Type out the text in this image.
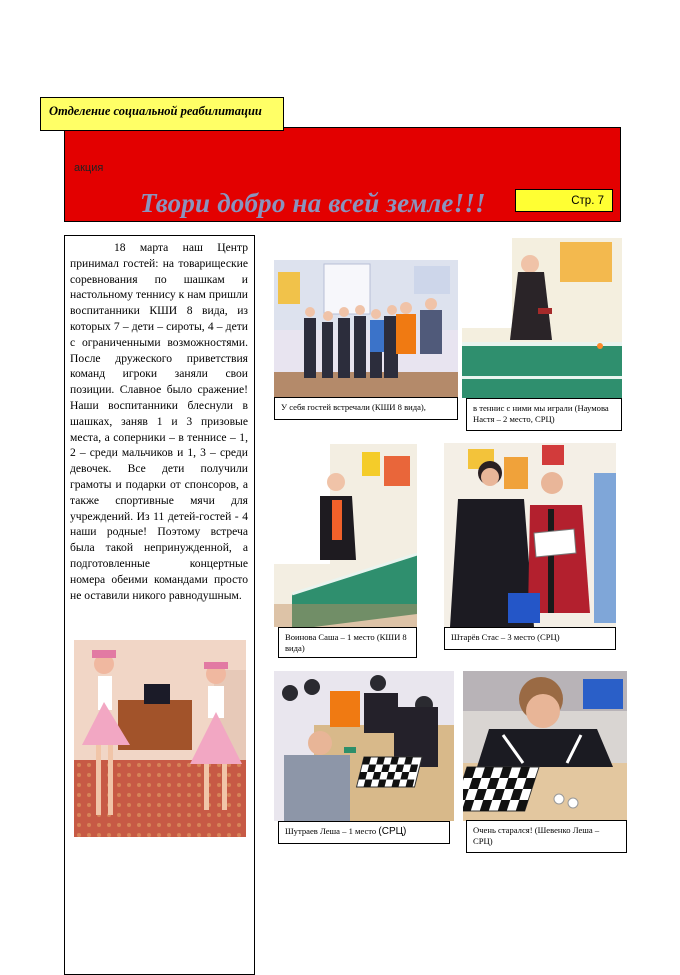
Отделение социальной реабилитации
акция
Твори добро на всей земле!!!	Стр. 7

18 марта наш Центр принимал гостей: на товарищеские соревнования по шашкам и настольному теннису к нам пришли воспитанники КШИ 8 вида, из которых 7 – дети – сироты, 4 – дети с ограниченными возможностями. После дружеского приветствия команд игроки заняли свои позиции. Славное было сражение! Наши воспитанники блеснули в шашках, заняв 1 и 3 призовые места, а соперники – в теннисе – 1, 2 – среди мальчиков и 1, 3 – среди девочек. Все дети получили грамоты и подарки от спонсоров, а также спортивные мячи для учреждений. Из 11 детей-гостей - 4 наши родные! Поэтому встреча была такой непринужденной, а подготовленные концертные номера обеими командами просто не оставили никого равнодушным.

У себя гостей встречали (КШИ 8 вида),	в теннис с ними мы играли (Наумова Настя – 2 место, СРЦ)
Воинова Саша – 1 место (КШИ 8 вида)
Штарёв Стас – 3 место (СРЦ)
Шутраев Леша – 1 место (СРЦ)	Очень старался! (Шевенко Леша – СРЦ)
